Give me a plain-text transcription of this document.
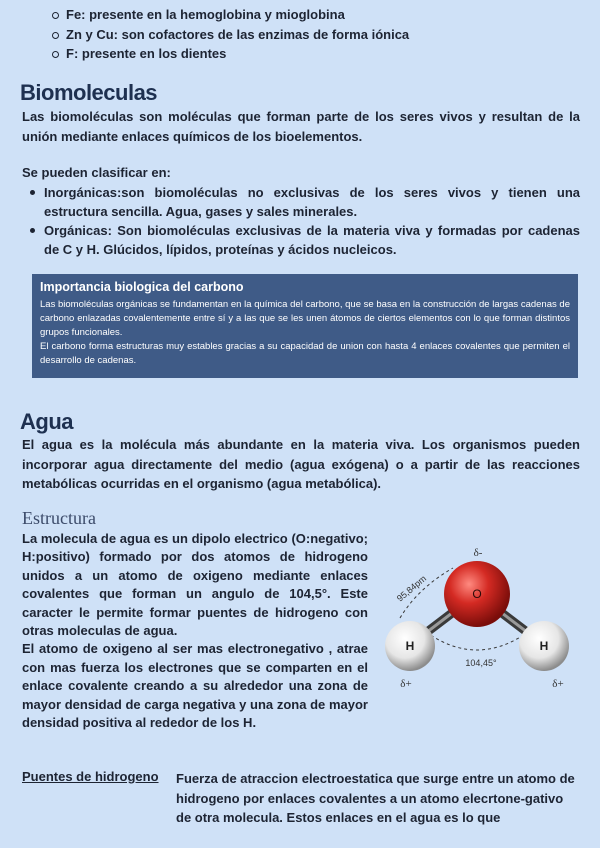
Fe: presente en la hemoglobina y mioglobina
Zn y Cu: son cofactores de las enzimas de forma iónica
F: presente en los dientes
Biomoleculas

Las biomoléculas son moléculas que forman parte de los seres vivos y resultan de la unión mediante enlaces químicos de los bioelementos.

Se pueden clasificar en:

Inorgánicas:son biomoléculas no exclusivas de los seres vivos y tienen una estructura sencilla. Agua, gases y sales minerales.
Orgánicas: Son biomoléculas exclusivas de la materia viva y formadas por cadenas de C y H. Glúcidos, lípidos, proteínas y ácidos nucleicos.
Importancia biologica del carbono
Las biomoléculas orgánicas se fundamentan en la química del carbono, que se basa en la construcción de largas cadenas de carbono enlazadas covalentemente entre sí y a las que se les unen átomos de ciertos elementos con lo que forman distintos grupos funcionales.
El carbono forma estructuras muy estables gracias a su capacidad de union con hasta 4 enlaces covalentes que permiten el desarrollo de cadenas.
Agua

El agua es la molécula más abundante en la materia viva. Los organismos pueden incorporar agua directamente del medio (agua exógena) o a partir de las reacciones metabólicas ocurridas en el organismo (agua metabólica).

Estructura
La molecula de agua es un dipolo electrico (O:negativo; H:positivo) formado por dos atomos de hidrogeno unidos a un atomo de oxigeno mediante enlaces covalentes que forman un angulo de 104,5°. Este caracter le permite formar puentes de hidrogeno con otras moleculas de agua.
El atomo de oxigeno al ser mas electronegativo , atrae con mas fuerza los electrones que se comparten en el enlace covalente creando a su alrededor una zona de mayor densidad de carga negativa y una zona de mayor densidad positiva al rededor de los H.
O
H	H
δ-
δ+	δ+
95,84pm
104,45°
Puentes de hidrogeno Fuerza de atraccion electroestatica que surge entre un atomo de hidrogeno por enlaces covalentes a un atomo elecrtone-gativo de otra molecula. Estos enlaces en el agua es lo que
